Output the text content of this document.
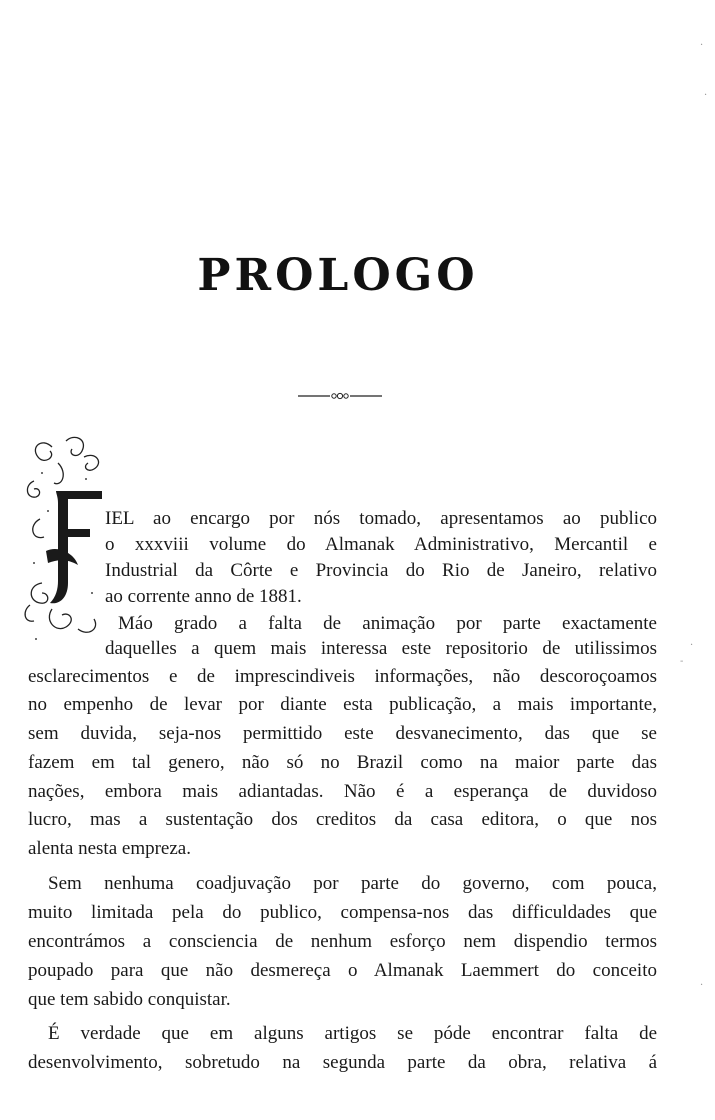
PROLOGO
IEL ao encargo por nós tomado, apresentamos ao publico
o xxxviii volume do Almanak Administrativo, Mercantil e
Industrial da Côrte e Provincia do Rio de Janeiro, relativo
ao corrente anno de 1881.
Máo grado a falta de animação por parte exactamente
daquelles a quem mais interessa este repositorio de utilissimos
esclarecimentos e de imprescindiveis informações, não descoroçoamos
no empenho de levar por diante esta publicação, a mais importante,
sem duvida, seja-nos permittido este desvanecimento, das que se
fazem em tal genero, não só no Brazil como na maior parte das
nações, embora mais adiantadas. Não é a esperança de duvidoso
lucro, mas a sustentação dos creditos da casa editora, o que nos
alenta nesta empreza.
Sem nenhuma coadjuvação por parte do governo, com pouca,
muito limitada pela do publico, compensa-nos das difficuldades que
encontrámos a consciencia de nenhum esforço nem dispendio termos
poupado para que não desmereça o Almanak Laemmert do conceito
que tem sabido conquistar.
É verdade que em alguns artigos se póde encontrar falta de
desenvolvimento, sobretudo na segunda parte da obra, relativa á
·
·
·
-
·
